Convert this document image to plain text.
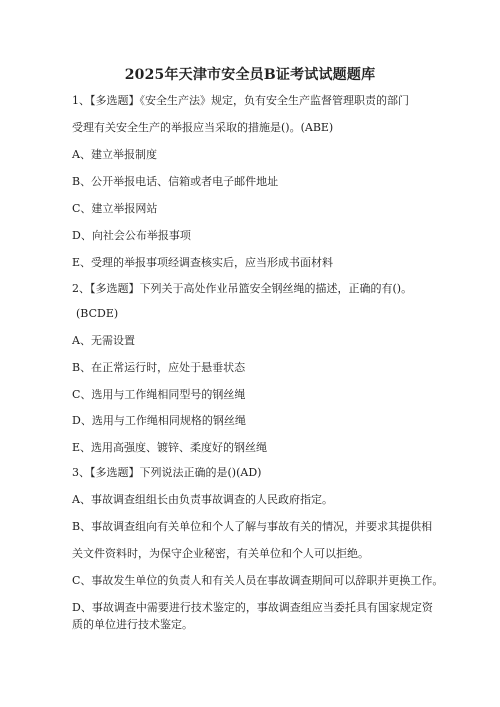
2025年天津市安全员B证考试试题题库
1、【多选题】《安全生产法》规定，负有安全生产监督管理职责的部门
受理有关安全生产的举报应当采取的措施是()。(ABE)
A、建立举报制度
B、公开举报电话、信箱或者电子邮件地址
C、建立举报网站
D、向社会公布举报事项
E、受理的举报事项经调查核实后，应当形成书面材料
2、【多选题】下列关于高处作业吊篮安全钢丝绳的描述，正确的有()。
(BCDE)
A、无需设置
B、在正常运行时，应处于悬垂状态
C、选用与工作绳相同型号的钢丝绳
D、选用与工作绳相同规格的钢丝绳
E、选用高强度、镀锌、柔度好的钢丝绳
3、【多选题】下列说法正确的是()(AD)
A、事故调查组组长由负责事故调查的人民政府指定。
B、事故调查组向有关单位和个人了解与事故有关的情况，并要求其提供相
关文件资料时，为保守企业秘密，有关单位和个人可以拒绝。
C、事故发生单位的负责人和有关人员在事故调查期间可以辞职并更换工作。
D、事故调查中需要进行技术鉴定的，事故调查组应当委托具有国家规定资
质的单位进行技术鉴定。
